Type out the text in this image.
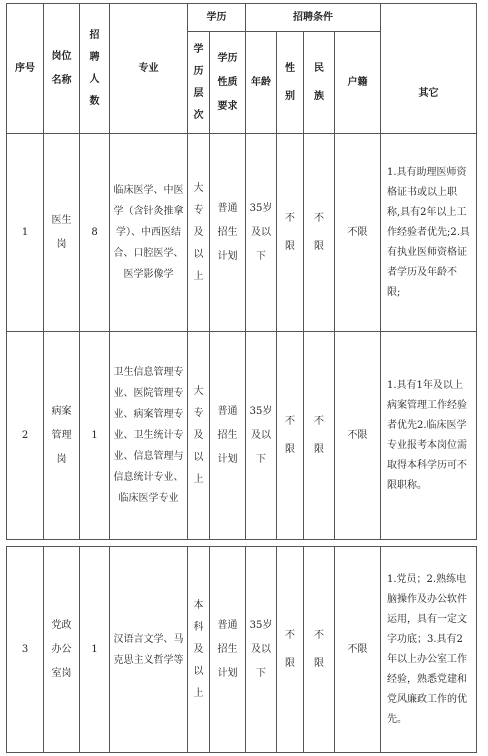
序号	岗位名称	招聘人数	专业	学历		招聘条件				其它
				学历层次	学历性质要求	年龄	性别	民族	户籍	
1	医生岗	8	临床医学、中医学（含针灸推拿学）、中西医结合、口腔医学、医学影像学	大专及以上	普通招生计划	35岁及以下	不限	不限	不限	1.具有助理医师资格证书或以上职称,具有2年以上工作经验者优先;2.具有执业医师资格证者学历及年龄不限;
2	病案管理岗	1	卫生信息管理专业、医院管理专业、病案管理专业、卫生统计专业、信息管理与信息统计专业、临床医学专业	大专及以上	普通招生计划	35岁及以下	不限	不限	不限	1.具有1年及以上病案管理工作经验者优先2.临床医学专业报考本岗位需取得本科学历可不限职称。
3	党政办公室岗	1	汉语言文学、马克思主义哲学等	本科及以上	普通招生计划	35岁及以下	不限	不限	不限	1.党员；2.熟练电脑操作及办公软件运用，具有一定文字功底；3.具有2年以上办公室工作经验，熟悉党建和党风廉政工作的优先。
